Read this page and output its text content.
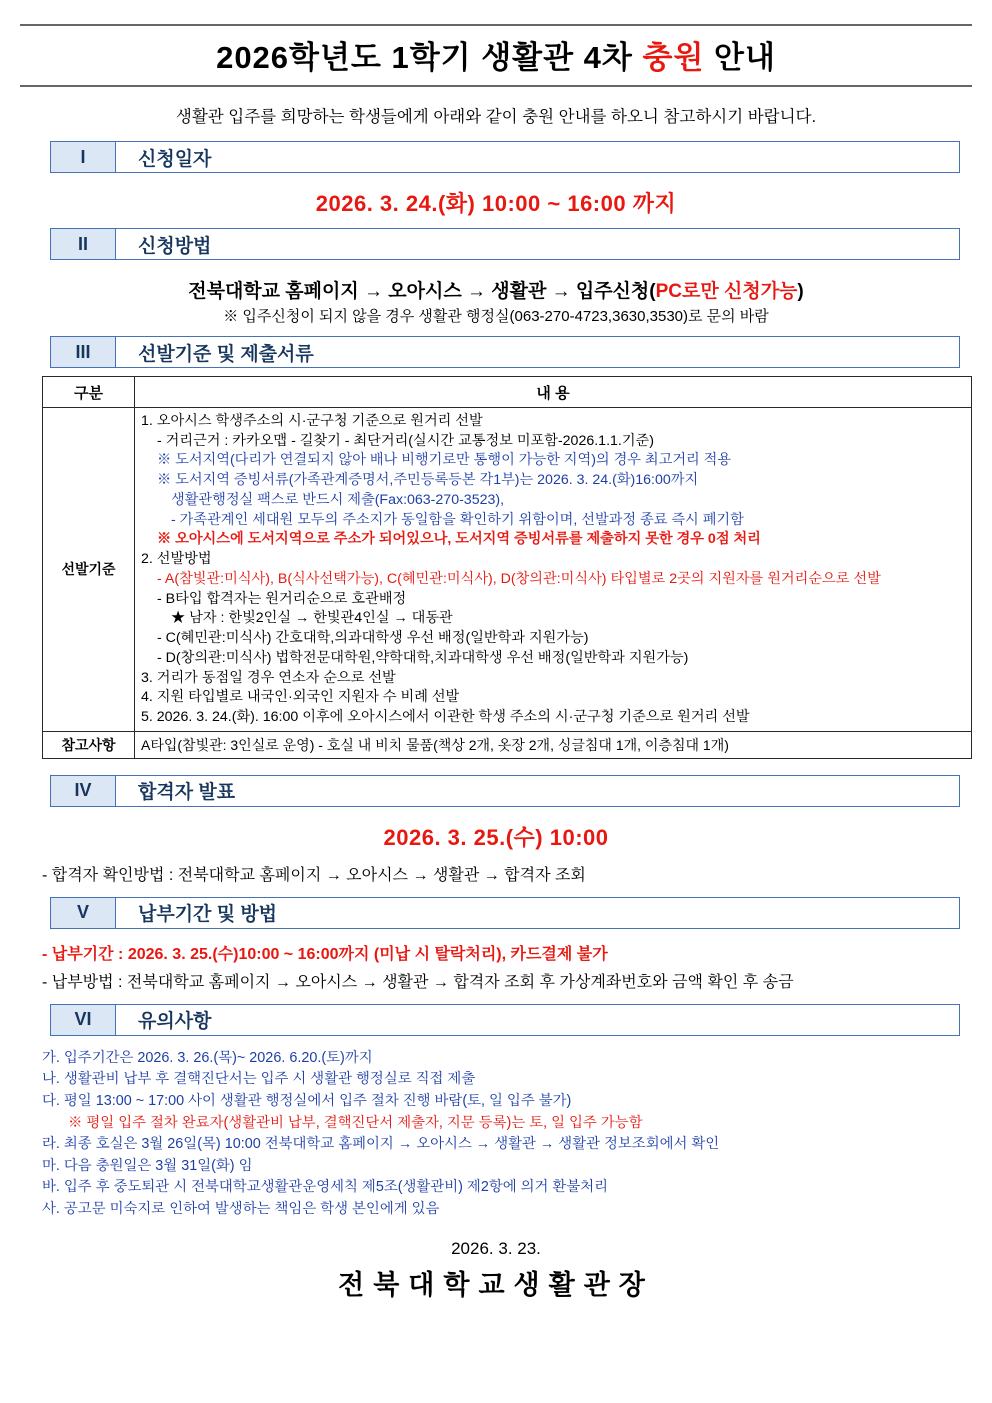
2026학년도 1학기 생활관 4차 충원 안내
생활관 입주를 희망하는 학생들에게 아래와 같이 충원 안내를 하오니 참고하시기 바랍니다.
I	신청일자
2026. 3. 24.(화) 10:00 ~ 16:00 까지
II	신청방법
전북대학교 홈페이지 → 오아시스 → 생활관 → 입주신청(PC로만 신청가능)
※ 입주신청이 되지 않을 경우 생활관 행정실(063-270-4723,3630,3530)로 문의 바람
III	선발기준 및 제출서류
구분	내 용
선발기준	
1. 오아시스 학생주소의 시·군구청 기준으로 원거리 선발
- 거리근거 : 카카오맵 - 길찾기 - 최단거리(실시간 교통정보 미포함-2026.1.1.기준)
※ 도서지역(다리가 연결되지 않아 배나 비행기로만 통행이 가능한 지역)의 경우 최고거리 적용
※ 도서지역 증빙서류(가족관계증명서,주민등록등본 각1부)는 2026. 3. 24.(화)16:00까지
생활관행정실 팩스로 반드시 제출(Fax:063-270-3523),
- 가족관계인 세대원 모두의 주소지가 동일함을 확인하기 위함이며, 선발과정 종료 즉시 폐기함
※ 오아시스에 도서지역으로 주소가 되어있으나, 도서지역 증빙서류를 제출하지 못한 경우 0점 처리
2. 선발방법
- A(참빛관:미식사), B(식사선택가능), C(혜민관:미식사), D(창의관:미식사) 타입별로 2곳의 지원자를 원거리순으로 선발
- B타입 합격자는 원거리순으로 호관배정
★ 남자 : 한빛2인실 → 한빛관4인실 → 대동관
- C(혜민관:미식사) 간호대학,의과대학생 우선 배정(일반학과 지원가능)
- D(창의관:미식사) 법학전문대학원,약학대학,치과대학생 우선 배정(일반학과 지원가능)
3. 거리가 동점일 경우 연소자 순으로 선발
4. 지원 타입별로 내국인·외국인 지원자 수 비례 선발
5. 2026. 3. 24.(화). 16:00 이후에 오아시스에서 이관한 학생 주소의 시·군구청 기준으로 원거리 선발

참고사항	A타입(참빛관: 3인실로 운영) - 호실 내 비치 물품(책상 2개, 옷장 2개, 싱글침대 1개, 이층침대 1개)
IV	합격자 발표
2026. 3. 25.(수) 10:00
- 합격자 확인방법 : 전북대학교 홈페이지 → 오아시스 → 생활관 → 합격자 조회
V	납부기간 및 방법
- 납부기간 : 2026. 3. 25.(수)10:00 ~ 16:00까지 (미납 시 탈락처리), 카드결제 불가
- 납부방법 : 전북대학교 홈페이지 → 오아시스 → 생활관 → 합격자 조회 후 가상계좌번호와 금액 확인 후 송금
VI	유의사항
가. 입주기간은 2026. 3. 26.(목)~ 2026. 6.20.(토)까지
나. 생활관비 납부 후 결핵진단서는 입주 시 생활관 행정실로 직접 제출
다. 평일 13:00 ~ 17:00 사이 생활관 행정실에서 입주 절차 진행 바람(토, 일 입주 불가)
※ 평일 입주 절차 완료자(생활관비 납부, 결핵진단서 제출자, 지문 등록)는 토, 일 입주 가능함
라. 최종 호실은 3월 26일(목) 10:00 전북대학교 홈페이지 → 오아시스 → 생활관 → 생활관 정보조회에서 확인
마. 다음 충원일은 3월 31일(화) 임
바. 입주 후 중도퇴관 시 전북대학교생활관운영세칙 제5조(생활관비) 제2항에 의거 환불처리
사. 공고문 미숙지로 인하여 발생하는 책임은 학생 본인에게 있음
2026. 3. 23.
전북대학교생활관장
